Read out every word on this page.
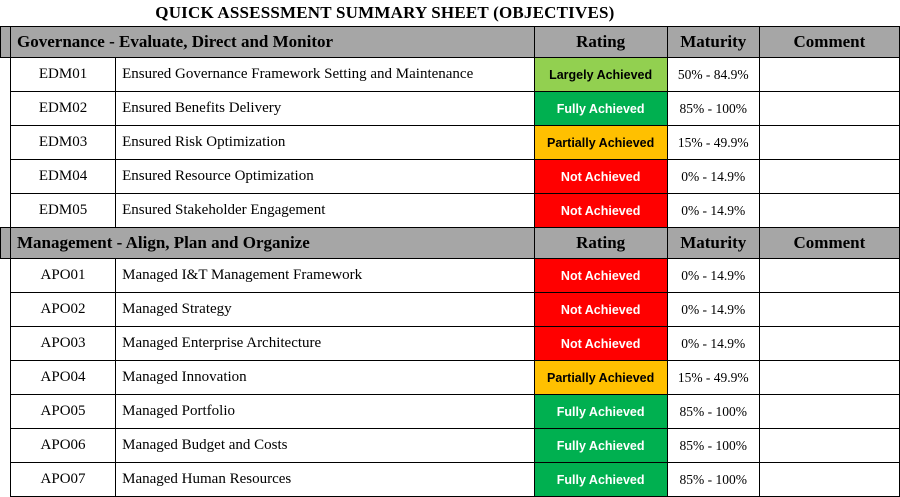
	QUICK ASSESSMENT SUMMARY SHEET (OBJECTIVES)				
	Governance - Evaluate, Direct and Monitor		Rating	Maturity	Comment
	EDM01	Ensured Governance Framework Setting and Maintenance	Largely Achieved	50% - 84.9%	
	EDM02	Ensured Benefits Delivery	Fully Achieved	85% - 100%	
	EDM03	Ensured Risk Optimization	Partially Achieved	15% - 49.9%	
	EDM04	Ensured Resource Optimization	Not Achieved	0% - 14.9%	
	EDM05	Ensured Stakeholder Engagement	Not Achieved	0% - 14.9%	
	Management - Align, Plan and Organize		Rating	Maturity	Comment
	APO01	Managed I&T Management Framework	Not Achieved	0% - 14.9%	
	APO02	Managed Strategy	Not Achieved	0% - 14.9%	
	APO03	Managed Enterprise Architecture	Not Achieved	0% - 14.9%	
	APO04	Managed Innovation	Partially Achieved	15% - 49.9%	
	APO05	Managed Portfolio	Fully Achieved	85% - 100%	
	APO06	Managed Budget and Costs	Fully Achieved	85% - 100%	
	APO07	Managed Human Resources	Fully Achieved	85% - 100%	
